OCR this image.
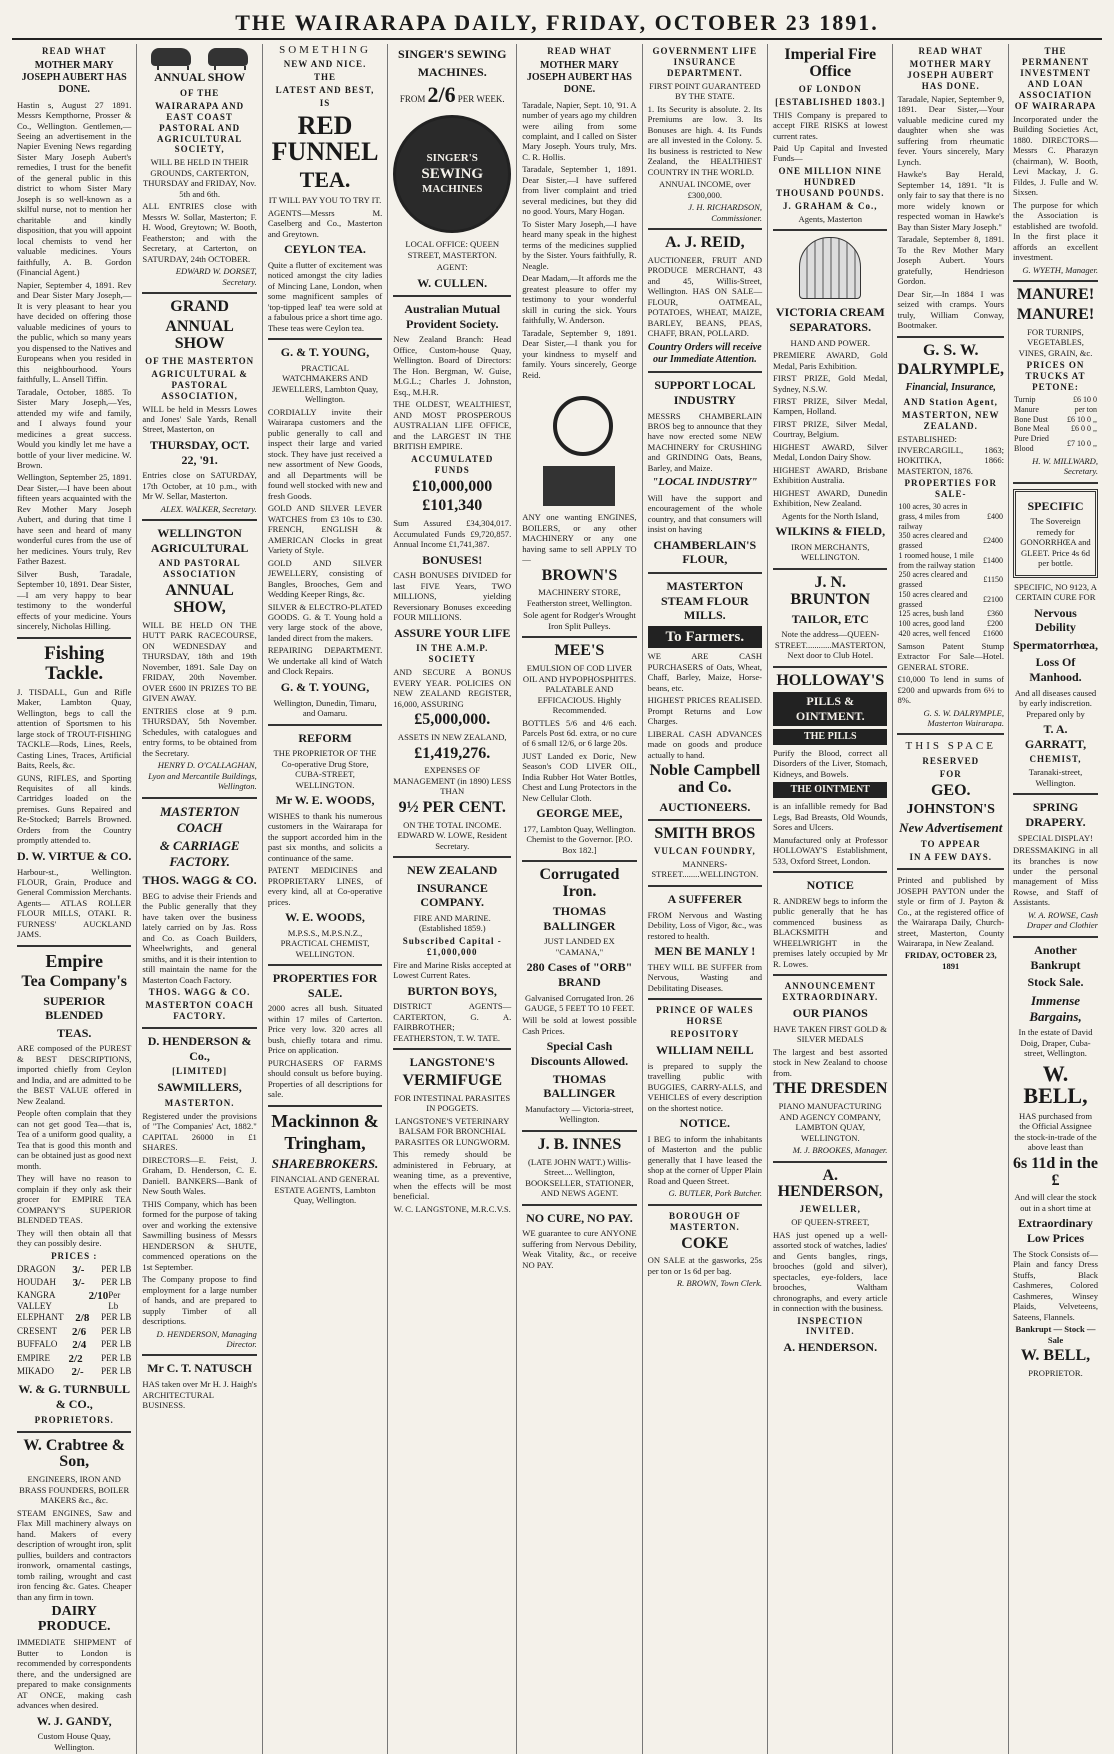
THE WAIRARAPA DAILY, FRIDAY, OCTOBER 23 1891.
READ WHAT
MOTHER MARY JOSEPH AUBERT HAS DONE.

Hastin s, August 27 1891. Messrs Kempthorne, Prosser & Co., Wellington. Gentlemen,—Seeing an advertisement in the Napier Evening News regarding Sister Mary Joseph Aubert's remedies, I trust for the benefit of the general public in this district to whom Sister Mary Joseph is so well-known as a skilful nurse, not to mention her charitable and kindly disposition, that you will appoint local chemists to vend her valuable medicines. Yours faithfully, A. B. Gordon (Financial Agent.)

Napier, September 4, 1891. Rev and Dear Sister Mary Joseph,—It is very pleasant to hear you have decided on offering those valuable medicines of yours to the public, which so many years you dispensed to the Natives and Europeans when you resided in this neighbourhood. Yours faithfully, L. Ansell Tiffin.

Taradale, October, 1885. To Sister Mary Joseph,—Yes, attended my wife and family, and I always found your medicines a great success. Would you kindly let me have a bottle of your liver medicine. W. Brown.

Wellington, September 25, 1891. Dear Sister,—I have been about fifteen years acquainted with the Rev Mother Mary Joseph Aubert, and during that time I have seen and heard of many wonderful cures from the use of her medicines. Yours truly, Rev Father Bazest.

Silver Bush, Taradale, September 10, 1891. Dear Sister,—I am very happy to bear testimony to the wonderful effects of your medicine. Yours sincerely, Nicholas Hilling.

Fishing Tackle.

J. TISDALL, Gun and Rifle Maker, Lambton Quay, Wellington, begs to call the attention of Sportsmen to his large stock of TROUT-FISHING TACKLE—Rods, Lines, Reels, Casting Lines, Traces, Artificial Baits, Reels, &c.

GUNS, RIFLES, and Sporting Requisites of all kinds. Cartridges loaded on the premises. Guns Repaired and Re-Stocked; Barrels Browned. Orders from the Country promptly attended to.

D. W. VIRTUE & CO.

Harbour-st., Wellington. FLOUR, Grain, Produce and General Commission Merchants. Agents— ATLAS ROLLER FLOUR MILLS, OTAKI. R. FURNESS' AUCKLAND JAMS.

Empire
Tea Company's
SUPERIOR BLENDED
TEAS.

ARE composed of the PUREST & BEST DESCRIPTIONS, imported chiefly from Ceylon and India, and are admitted to be the BEST VALUE offered in New Zealand.

People often complain that they can not get good Tea—that is, Tea of a uniform good quality, a Tea that is good this month and can be obtained just as good next month.

They will have no reason to complain if they only ask their grocer for EMPIRE TEA COMPANY'S SUPERIOR BLENDED TEAS.

They will then obtain all that they can possibly desire.

PRICES :
DRAGON 3/- PER LB
HOUDAH 3/- PER LB
KANGRA VALLEY
2/10 Per Lb
ELEPHANT 2/8 PER LB
CRESENT 2/6 PER LB
BUFFALO 2/4 PER LB
EMPIRE 2/2 PER LB
MIKADO 2/- PER LB
W. & G. TURNBULL & CO.,
PROPRIETORS.
W. Crabtree & Son,

ENGINEERS, IRON AND BRASS FOUNDERS, BOILER MAKERS &c., &c.

STEAM ENGINES, Saw and Flax Mill machinery always on hand. Makers of every description of wrought iron, split pullies, builders and contractors ironwork, ornamental castings, tomb railing, wrought and cast iron fencing &c. Gates. Cheaper than any firm in town.

DAIRY PRODUCE.

IMMEDIATE SHIPMENT of Butter to London is recommended by correspondents there, and the undersigned are prepared to make consignments AT ONCE, making cash advances when desired.

W. J. GANDY,

Custom House Quay, Wellington.

ANNUAL SHOW
OF THE
WAIRARAPA AND EAST COAST PASTORAL AND AGRICULTURAL SOCIETY,

WILL BE HELD IN THEIR GROUNDS, CARTERTON, THURSDAY and FRIDAY, Nov. 5th and 6th.

ALL ENTRIES close with Messrs W. Sollar, Masterton; F. H. Wood, Greytown; W. Booth, Featherston; and with the Secretary, at Carterton, on SATURDAY, 24th OCTOBER.

EDWARD W. DORSET, Secretary.

GRAND
ANNUAL SHOW
OF THE MASTERTON
AGRICULTURAL & PASTORAL ASSOCIATION,

WILL be held in Messrs Lowes and Jones' Sale Yards, Renall Street, Masterton, on

THURSDAY, OCT. 22, '91.

Entries close on SATURDAY, 17th October, at 10 p.m., with Mr W. Sellar, Masterton.

ALEX. WALKER, Secretary.

WELLINGTON AGRICULTURAL
AND PASTORAL ASSOCIATION
ANNUAL SHOW,

WILL BE HELD ON THE HUTT PARK RACECOURSE, ON WEDNESDAY and THURSDAY, 18th and 19th November, 1891. Sale Day on FRIDAY, 20th November. OVER £600 IN PRIZES TO BE GIVEN AWAY.

ENTRIES close at 9 p.m. THURSDAY, 5th November. Schedules, with catalogues and entry forms, to be obtained from the Secretary.

HENRY D. O'CALLAGHAN, Lyon and Mercantile Buildings, Wellington.

MASTERTON COACH
& CARRIAGE FACTORY.
THOS. WAGG & CO.

BEG to advise their Friends and the Public generally that they have taken over the business lately carried on by Jas. Ross and Co. as Coach Builders, Wheelwrights, and general smiths, and it is their intention to still maintain the name for the Masterton Coach Factory.

THOS. WAGG & CO.
MASTERTON COACH FACTORY.
D. HENDERSON & Co.,
[LIMITED]
SAWMILLERS,
MASTERTON.

Registered under the provisions of "The Companies' Act, 1882." CAPITAL 26000 in £1 SHARES.

DIRECTORS—E. Feist, J. Graham, D. Henderson, C. E. Daniell. BANKERS—Bank of New South Wales.

THIS Company, which has been formed for the purpose of taking over and working the extensive Sawmilling business of Messrs HENDERSON & SHUTE, commenced operations on the 1st September.

The Company propose to find employment for a large number of hands, and are prepared to supply Timber of all descriptions.

D. HENDERSON, Managing Director.

Mr C. T. NATUSCH

HAS taken over Mr H. J. Haigh's ARCHITECTURAL BUSINESS.

SOMETHING
NEW AND NICE.
THE
LATEST AND BEST,
IS
RED FUNNEL
TEA.

IT WILL PAY YOU TO TRY IT.

AGENTS—Messrs M. Caselberg and Co., Masterton and Greytown.

CEYLON TEA.

Quite a flutter of excitement was noticed amongst the city ladies of Mincing Lane, London, when some magnificent samples of 'top-tipped leaf' tea were sold at a fabulous price a short time ago. These teas were Ceylon tea.

G. & T. YOUNG,

PRACTICAL WATCHMAKERS AND JEWELLERS, Lambton Quay, Wellington.

CORDIALLY invite their Wairarapa customers and the public generally to call and inspect their large and varied stock. They have just received a new assortment of New Goods, and all Departments will be found well stocked with new and fresh Goods.

GOLD AND SILVER LEVER WATCHES from £3 10s to £30. FRENCH, ENGLISH & AMERICAN Clocks in great Variety of Style.

GOLD AND SILVER JEWELLERY, consisting of Bangles, Brooches, Gem and Wedding Keeper Rings, &c.

SILVER & ELECTRO-PLATED GOODS. G. & T. Young hold a very large stock of the above, landed direct from the makers.

REPAIRING DEPARTMENT. We undertake all kind of Watch and Clock Repairs.

G. & T. YOUNG,

Wellington, Dunedin, Timaru, and Oamaru.

REFORM

THE PROPRIETOR OF THE Co-operative Drug Store, CUBA-STREET, WELLINGTON.

Mr W. E. WOODS,

WISHES to thank his numerous customers in the Wairarapa for the support accorded him in the past six months, and solicits a continuance of the same.

PATENT MEDICINES and PROPRIETARY LINES, of every kind, all at Co-operative prices.

W. E. WOODS,

M.P.S.S., M.P.S.N.Z., PRACTICAL CHEMIST, WELLINGTON.

PROPERTIES FOR SALE.

2000 acres all bush. Situated within 17 miles of Carterton. Price very low. 320 acres all bush, chiefly totara and rimu. Price on application.

PURCHASERS OF FARMS should consult us before buying. Properties of all descriptions for sale.

Mackinnon &
Tringham,
SHAREBROKERS.

FINANCIAL AND GENERAL ESTATE AGENTS, Lambton Quay, Wellington.

SINGER'S SEWING
MACHINES.
FROM 2/6 PER WEEK.
SINGER'S
SEWING
MACHINES

LOCAL OFFICE: QUEEN STREET, MASTERTON.

AGENT:

W. CULLEN.
Australian Mutual Provident Society.

New Zealand Branch: Head Office, Custom-house Quay, Wellington. Board of Directors: The Hon. Bergman, W. Guise, M.G.L.; Charles J. Johnston, Esq., M.H.R.

THE OLDEST, WEALTHIEST, AND MOST PROSPEROUS AUSTRALIAN LIFE OFFICE, and the LARGEST IN THE BRITISH EMPIRE.

ACCUMULATED FUNDS
£10,000,000
£101,340

Sum Assured £34,304,017. Accumulated Funds £9,720,857. Annual Income £1,741,387.

BONUSES!

CASH BONUSES DIVIDED for last FIVE Years, TWO MILLIONS, yielding Reversionary Bonuses exceeding FOUR MILLIONS.

ASSURE YOUR LIFE
IN THE A.M.P. SOCIETY

AND SECURE A BONUS EVERY YEAR. POLICIES ON NEW ZEALAND REGISTER, 16,000, ASSURING

£5,000,000.

ASSETS IN NEW ZEALAND,

£1,419,276.

EXPENSES OF MANAGEMENT (in 1890) LESS THAN

9½ PER CENT.

ON THE TOTAL INCOME. EDWARD W. LOWE, Resident Secretary.

NEW ZEALAND
INSURANCE COMPANY.

FIRE AND MARINE. (Established 1859.)

Subscribed Capital - £1,000,000

Fire and Marine Risks accepted at Lowest Current Rates.

BURTON BOYS,

DISTRICT AGENTS—CARTERTON, G. A. FAIRBROTHER; FEATHERSTON, T. W. TATE.

LANGSTONE'S
VERMIFUGE

FOR INTESTINAL PARASITES IN POGGETS.

LANGSTONE'S VETERINARY BALSAM FOR BRONCHIAL PARASITES OR LUNGWORM.

This remedy should be administered in February, at weaning time, as a preventive, when the effects will be most beneficial.

W. C. LANGSTONE, M.R.C.V.S.

READ WHAT
MOTHER MARY JOSEPH AUBERT HAS DONE.

Taradale, Napier, Sept. 10, '91. A number of years ago my children were ailing from some complaint, and I called on Sister Mary Joseph. Yours truly, Mrs. C. R. Hollis.

Taradale, September 1, 1891. Dear Sister,—I have suffered from liver complaint and tried several medicines, but they did no good. Yours, Mary Hogan.

To Sister Mary Joseph,—I have heard many speak in the highest terms of the medicines supplied by the Sister. Yours faithfully, R. Neagle.

Dear Madam,—It affords me the greatest pleasure to offer my testimony to your wonderful skill in curing the sick. Yours faithfully, W. Anderson.

Taradale, September 9, 1891. Dear Sister,—I thank you for your kindness to myself and family. Yours sincerely, George Reid.

ANY one wanting ENGINES, BOILERS, or any other MACHINERY or any one having same to sell APPLY TO—

BROWN'S

MACHINERY STORE, Featherston street, Wellington.

Sole agent for Rodger's Wrought Iron Split Pulleys.

MEE'S

EMULSION OF COD LIVER OIL AND HYPOPHOSPHITES. PALATABLE AND EFFICACIOUS. Highly Recommended.

BOTTLES 5/6 and 4/6 each. Parcels Post 6d. extra, or no cure of 6 small 12/6, or 6 large 20s.

JUST Landed ex Doric, New Season's COD LIVER OIL, India Rubber Hot Water Bottles, Chest and Lung Protectors in the New Cellular Cloth.

GEORGE MEE,

177, Lambton Quay, Wellington. Chemist to the Governor. [P.O. Box 182.]

Corrugated Iron.
THOMAS BALLINGER

JUST LANDED EX "CAMANA,"

280 Cases of "ORB" BRAND

Galvanised Corrugated Iron. 26 GAUGE, 5 FEET TO 10 FEET.

Will be sold at lowest possible Cash Prices.

Special Cash Discounts Allowed.
THOMAS BALLINGER

Manufactory — Victoria-street, Wellington.

J. B. INNES

(LATE JOHN WATT.) Willis-Street.... Wellington, BOOKSELLER, STATIONER, AND NEWS AGENT.

NO CURE, NO PAY.

WE guarantee to cure ANYONE suffering from Nervous Debility, Weak Vitality, &c., or receive NO PAY.

GOVERNMENT LIFE INSURANCE DEPARTMENT.

FIRST POINT GUARANTEED BY THE STATE.

1. Its Security is absolute. 2. Its Premiums are low. 3. Its Bonuses are high. 4. Its Funds are all invested in the Colony. 5. Its business is restricted to New Zealand, the HEALTHIEST COUNTRY IN THE WORLD.

ANNUAL INCOME, over £300,000.

J. H. RICHARDSON, Commissioner.

A. J. REID,

AUCTIONEER, FRUIT AND PRODUCE MERCHANT, 43 and 45, Willis-Street, Wellington. HAS ON SALE— FLOUR, OATMEAL, POTATOES, WHEAT, MAIZE, BARLEY, BEANS, PEAS, CHAFF, BRAN, POLLARD.

Country Orders will receive our Immediate Attention.
SUPPORT LOCAL INDUSTRY

MESSRS CHAMBERLAIN BROS beg to announce that they have now erected some NEW MACHINERY for CRUSHING and GRINDING Oats, Beans, Barley, and Maize.

"LOCAL INDUSTRY"

Will have the support and encouragement of the whole country, and that consumers will insist on having

CHAMBERLAIN'S FLOUR,
MASTERTON STEAM FLOUR MILLS.
To Farmers.

WE ARE CASH PURCHASERS of Oats, Wheat, Chaff, Barley, Maize, Horse-beans, etc.

HIGHEST PRICES REALISED. Prompt Returns and Low Charges.

LIBERAL CASH ADVANCES made on goods and produce actually to hand.

Noble Campbell and Co.
AUCTIONEERS.
SMITH BROS
VULCAN FOUNDRY,

MANNERS-STREET........WELLINGTON.

A SUFFERER

FROM Nervous and Wasting Debility, Loss of Vigor, &c., was restored to health.

MEN BE MANLY !

THEY WILL BE SUFFER from Nervous, Wasting and Debilitating Diseases.

PRINCE OF WALES HORSE
REPOSITORY
WILLIAM NEILL

is prepared to supply the travelling public with BUGGIES, CARRY-ALLS, and VEHICLES of every description on the shortest notice.

NOTICE.

I BEG to inform the inhabitants of Masterton and the public generally that I have leased the shop at the corner of Upper Plain Road and Queen Street.

G. BUTLER, Pork Butcher.

BOROUGH OF MASTERTON.
COKE

ON SALE at the gasworks, 25s per ton or 1s 6d per bag.

R. BROWN, Town Clerk.

Imperial Fire Office
OF LONDON
[ESTABLISHED 1803.]

THIS Company is prepared to accept FIRE RISKS at lowest current rates.

Paid Up Capital and Invested Funds—

ONE MILLION NINE HUNDRED THOUSAND POUNDS.
J. GRAHAM & Co.,

Agents, Masterton

VICTORIA CREAM SEPARATORS.

HAND AND POWER.

PREMIERE AWARD, Gold Medal, Paris Exhibition.

FIRST PRIZE, Gold Medal, Sydney, N.S.W.

FIRST PRIZE, Silver Medal, Kampen, Holland.

FIRST PRIZE, Silver Medal, Courtray, Belgium.

HIGHEST AWARD, Silver Medal, London Dairy Show.

HIGHEST AWARD, Brisbane Exhibition Australia.

HIGHEST AWARD, Dunedin Exhibition, New Zealand.

Agents for the North Island,

WILKINS & FIELD,

IRON MERCHANTS, WELLINGTON.

J. N. BRUNTON
TAILOR, ETC

Note the address—QUEEN-STREET............MASTERTON, Next door to Club Hotel.

HOLLOWAY'S
PILLS & OINTMENT.
THE PILLS

Purify the Blood, correct all Disorders of the Liver, Stomach, Kidneys, and Bowels.

THE OINTMENT

is an infallible remedy for Bad Legs, Bad Breasts, Old Wounds, Sores and Ulcers.

Manufactured only at Professor HOLLOWAY'S Establishment, 533, Oxford Street, London.

NOTICE

R. ANDREW begs to inform the public generally that he has commenced business as BLACKSMITH and WHEELWRIGHT in the premises lately occupied by Mr R. Lowes.

ANNOUNCEMENT EXTRAORDINARY.
OUR PIANOS

HAVE TAKEN FIRST GOLD & SILVER MEDALS

The largest and best assorted stock in New Zealand to choose from.

THE DRESDEN

PIANO MANUFACTURING AND AGENCY COMPANY, LAMBTON QUAY, WELLINGTON.

M. J. BROOKES, Manager.

A. HENDERSON,
JEWELLER,

OF QUEEN-STREET,

HAS just opened up a well-assorted stock of watches, ladies' and Gents bangles, rings, brooches (gold and silver), spectacles, eye-folders, lace brooches, Waltham chronographs, and every article in connection with the business.

INSPECTION INVITED.
A. HENDERSON.
READ WHAT
MOTHER MARY JOSEPH AUBERT HAS DONE.

Taradale, Napier, September 9, 1891. Dear Sister,—Your valuable medicine cured my daughter when she was suffering from rheumatic fever. Yours sincerely, Mary Lynch.

Hawke's Bay Herald, September 14, 1891. "It is only fair to say that there is no more widely known or respected woman in Hawke's Bay than Sister Mary Joseph."

Taradale, September 8, 1891. To the Rev Mother Mary Joseph Aubert. Yours gratefully, Hendrieson Gordon.

Dear Sir,—In 1884 I was seized with cramps. Yours truly, William Conway, Bootmaker.

G. S. W.
DALRYMPLE,
Financial, Insurance,
AND Station Agent,
MASTERTON, NEW ZEALAND.

ESTABLISHED: INVERCARGILL, 1863; HOKITIKA, 1866: MASTERTON, 1876.

PROPERTIES FOR SALE-
100 acres, 30 acres in grass, 4 miles from railway	£400
350 acres cleared and grassed	£2400
1 roomed house, 1 mile from the railway station	£1400
250 acres cleared and grassed	£1150
150 acres cleared and grassed	£2100
125 acres, bush land	£360
100 acres, good land	£200
420 acres, well fenced	£1600

Samson Patent Stump Extractor For Sale—Hotel. GENERAL STORE.

£10,000 To lend in sums of £200 and upwards from 6½ to 8%.

G. S. W. DALRYMPLE, Masterton Wairarapa.

THIS SPACE
RESERVED
FOR
GEO.
JOHNSTON'S
New Advertisement
TO APPEAR
IN A FEW DAYS.

Printed and published by JOSEPH PAYTON under the style or firm of J. Payton & Co., at the registered office of the Wairarapa Daily, Church-street, Masterton, County Wairarapa, in New Zealand.

FRIDAY, OCTOBER 23, 1891

THE PERMANENT INVESTMENT AND LOAN ASSOCIATION OF WAIRARAPA

Incorporated under the Building Societies Act, 1880. DIRECTORS—Messrs C. Pharazyn (chairman), W. Booth, Levi Mackay, J. G. Fildes, J. Fulle and W. Sixsen.

The purpose for which the Association is established are twofold. In the first place it affords an excellent investment.

G. WYETH, Manager.

MANURE!
MANURE!

FOR TURNIPS, VEGETABLES, VINES, GRAIN, &c.

PRICES ON TRUCKS AT PETONE:
Turnip Manure	£6 10 0 per ton
Bone Dust	£6 10 0 ,,
Bone Meal	£6 0 0 ,,
Pure Dried Blood	£7 10 0 ,,

H. W. MILLWARD, Secretary.

SPECIFIC

The Sovereign remedy for GONORRHŒA and GLEET. Price 4s 6d per bottle.

SPECIFIC, NO 9123, A CERTAIN CURE FOR

Nervous Debility
Spermatorrhœa,
Loss Of Manhood.

And all diseases caused by early indiscretion. Prepared only by

T. A. GARRATT,
CHEMIST,

Taranaki-street, Wellington.

SPRING DRAPERY.

SPECIAL DISPLAY!

DRESSMAKING in all its branches is now under the personal management of Miss Rowse, and Staff of Assistants.

W. A. ROWSE, Cash Draper and Clothier

Another Bankrupt
Stock Sale.
Immense Bargains,

In the estate of David Doig, Draper, Cuba-street, Wellington.

W. BELL,

HAS purchased from the Official Assignee the stock-in-trade of the above least than

6s 11d in the £

And will clear the stock out in a short time at

Extraordinary Low Prices

The Stock Consists of— Plain and fancy Dress Stuffs, Black Cashmeres, Colored Cashmeres, Winsey Plaids, Velveteens, Sateens, Flannels.

Bankrupt — Stock — Sale

W. BELL,

PROPRIETOR.
